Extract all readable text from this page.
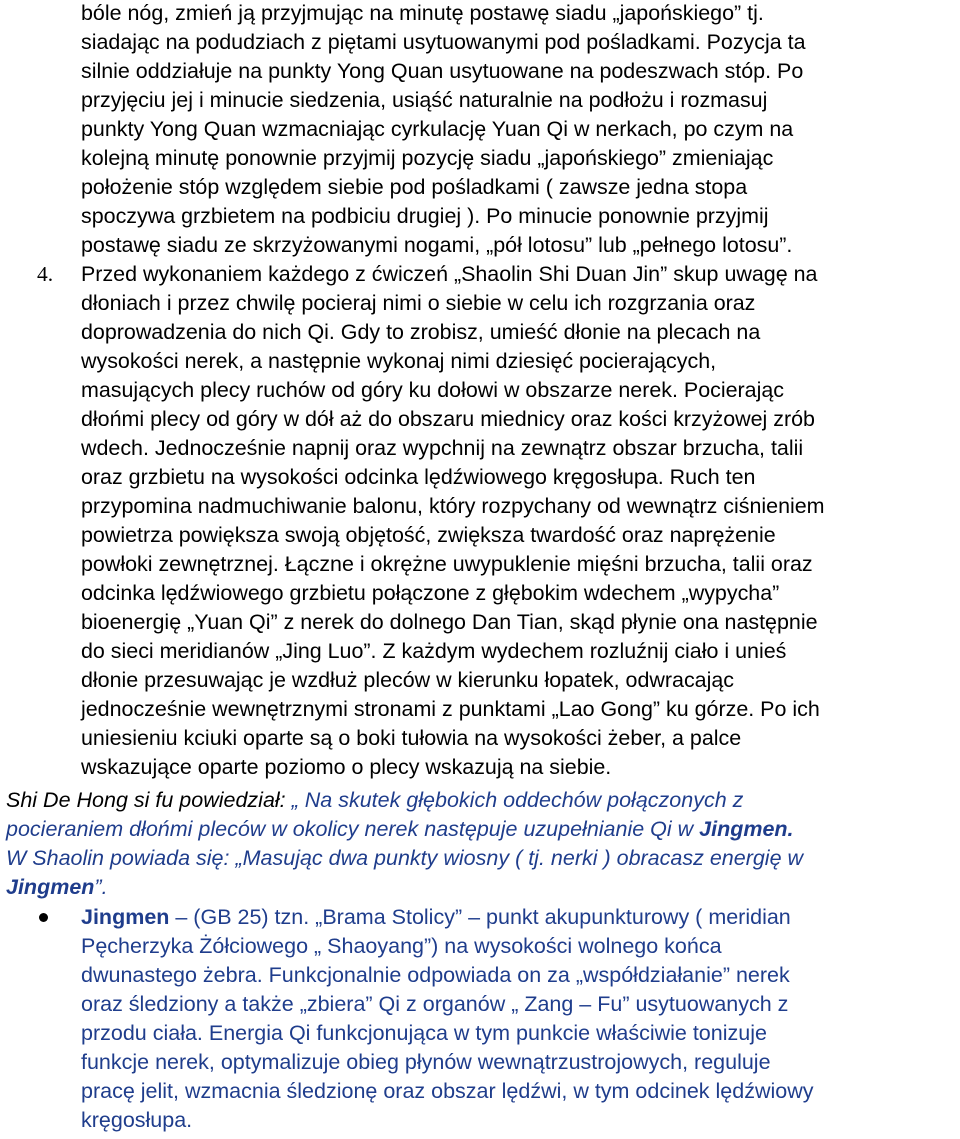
bóle nóg, zmień ją przyjmując na minutę postawę siadu „japońskiego” tj.
siadając na podudziach z piętami usytuowanymi pod pośladkami. Pozycja ta
silnie oddziałuje na punkty Yong Quan usytuowane na podeszwach stóp. Po
przyjęciu jej i minucie siedzenia, usiąść naturalnie na podłożu i rozmasuj
punkty Yong Quan wzmacniając cyrkulację Yuan Qi w nerkach, po czym na
kolejną minutę ponownie przyjmij pozycję siadu „japońskiego” zmieniając
położenie stóp względem siebie pod pośladkami ( zawsze jedna stopa
spoczywa grzbietem na podbiciu drugiej ). Po minucie ponownie przyjmij
postawę siadu ze skrzyżowanymi nogami, „pół lotosu” lub „pełnego lotosu”.
4. Przed wykonaniem każdego z ćwiczeń „Shaolin Shi Duan Jin” skup uwagę na
dłoniach i przez chwilę pocieraj nimi o siebie w celu ich rozgrzania oraz
doprowadzenia do nich Qi. Gdy to zrobisz, umieść dłonie na plecach na
wysokości nerek, a następnie wykonaj nimi dziesięć pocierających,
masujących plecy ruchów od góry ku dołowi w obszarze nerek. Pocierając
dłońmi plecy od góry w dół aż do obszaru miednicy oraz kości krzyżowej zrób
wdech. Jednocześnie napnij oraz wypchnij na zewnątrz obszar brzucha, talii
oraz grzbietu na wysokości odcinka lędźwiowego kręgosłupa. Ruch ten
przypomina nadmuchiwanie balonu, który rozpychany od wewnątrz ciśnieniem
powietrza powiększa swoją objętość, zwiększa twardość oraz naprężenie
powłoki zewnętrznej. Łączne i okrężne uwypuklenie mięśni brzucha, talii oraz
odcinka lędźwiowego grzbietu połączone z głębokim wdechem „wypycha”
bioenergię „Yuan Qi” z nerek do dolnego Dan Tian, skąd płynie ona następnie
do sieci meridianów „Jing Luo”. Z każdym wydechem rozluźnij ciało i unieś
dłonie przesuwając je wzdłuż pleców w kierunku łopatek, odwracając
jednocześnie wewnętrznymi stronami z punktami „Lao Gong” ku górze. Po ich
uniesieniu kciuki oparte są o boki tułowia na wysokości żeber, a palce
wskazujące oparte poziomo o plecy wskazują na siebie.
Shi De Hong si fu powiedział: „ Na skutek głębokich oddechów połączonych z
pocieraniem dłońmi pleców w okolicy nerek następuje uzupełnianie Qi w Jingmen.
W Shaolin powiada się: „Masując dwa punkty wiosny ( tj. nerki ) obracasz energię w
Jingmen”.
Jingmen – (GB 25) tzn. „Brama Stolicy” – punkt akupunkturowy ( meridian
Pęcherzyka Żółciowego „ Shaoyang”) na wysokości wolnego końca
dwunastego żebra. Funkcjonalnie odpowiada on za „współdziałanie” nerek
oraz śledziony a także „zbiera” Qi z organów „ Zang – Fu” usytuowanych z
przodu ciała. Energia Qi funkcjonująca w tym punkcie właściwie tonizuje
funkcje nerek, optymalizuje obieg płynów wewnątrzustrojowych, reguluje
pracę jelit, wzmacnia śledzionę oraz obszar lędźwi, w tym odcinek lędźwiowy
kręgosłupa.
